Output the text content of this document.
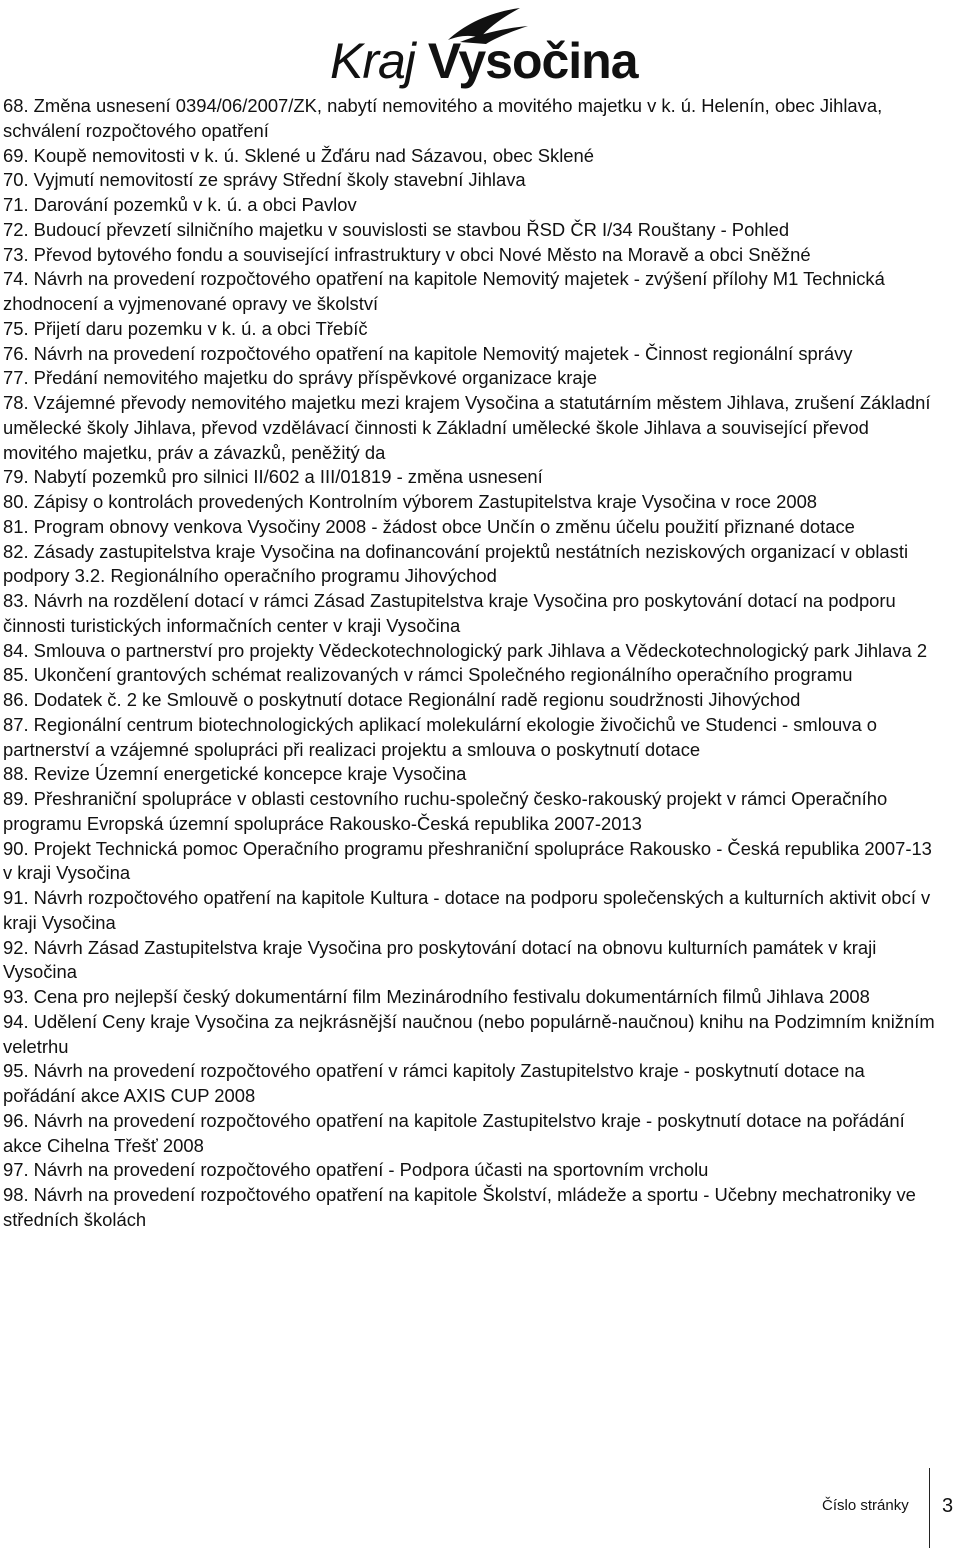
Kraj Vysočina

68. Změna usnesení 0394/06/2007/ZK, nabytí nemovitého a movitého majetku v k. ú. Helenín, obec Jihlava, schválení rozpočtového opatření

69. Koupě nemovitosti v k. ú. Sklené u Žďáru nad Sázavou, obec Sklené

70. Vyjmutí nemovitostí ze správy Střední školy stavební Jihlava

71. Darování pozemků v k. ú. a obci Pavlov

72. Budoucí převzetí silničního majetku v souvislosti se stavbou ŘSD ČR I/34 Rouštany - Pohled

73. Převod bytového fondu a související infrastruktury v obci Nové Město na Moravě a obci Sněžné

74. Návrh na provedení rozpočtového opatření na kapitole Nemovitý majetek - zvýšení přílohy M1 Technická zhodnocení a vyjmenované opravy ve školství

75. Přijetí daru pozemku v k. ú. a obci Třebíč

76. Návrh na provedení rozpočtového opatření na kapitole Nemovitý majetek - Činnost regionální správy

77. Předání nemovitého majetku do správy příspěvkové organizace kraje

78. Vzájemné převody nemovitého majetku mezi krajem Vysočina a statutárním městem Jihlava, zrušení Základní umělecké školy Jihlava, převod vzdělávací činnosti k Základní umělecké škole Jihlava a související převod movitého majetku, práv a závazků, peněžitý da

79. Nabytí pozemků pro silnici II/602 a III/01819 - změna usnesení

80. Zápisy o kontrolách provedených Kontrolním výborem Zastupitelstva kraje Vysočina v roce 2008

81. Program obnovy venkova Vysočiny 2008 - žádost obce Unčín o změnu účelu použití přiznané dotace

82. Zásady zastupitelstva kraje Vysočina na dofinancování projektů nestátních neziskových organizací v oblasti podpory 3.2. Regionálního operačního programu Jihovýchod

83. Návrh na rozdělení dotací v rámci Zásad Zastupitelstva kraje Vysočina pro poskytování dotací na podporu činnosti turistických informačních center v kraji Vysočina

84. Smlouva o partnerství pro projekty Vědeckotechnologický park Jihlava a Vědeckotechnologický park Jihlava 2

85. Ukončení grantových schémat realizovaných v rámci Společného regionálního operačního programu

86. Dodatek č. 2 ke Smlouvě o poskytnutí dotace Regionální radě regionu soudržnosti Jihovýchod

87. Regionální centrum biotechnologických aplikací molekulární ekologie živočichů ve Studenci - smlouva o partnerství a vzájemné spolupráci při realizaci projektu a smlouva o poskytnutí dotace

88. Revize Územní energetické koncepce kraje Vysočina

89. Přeshraniční spolupráce v oblasti cestovního ruchu-společný česko-rakouský projekt v rámci Operačního programu Evropská územní spolupráce Rakousko-Česká republika 2007-2013

90. Projekt Technická pomoc Operačního programu přeshraniční spolupráce Rakousko - Česká republika 2007-13 v kraji Vysočina

91. Návrh rozpočtového opatření na kapitole Kultura - dotace na podporu společenských a kulturních aktivit obcí v kraji Vysočina

92. Návrh Zásad Zastupitelstva kraje Vysočina pro poskytování dotací na obnovu kulturních památek v kraji Vysočina

93. Cena pro nejlepší český dokumentární film Mezinárodního festivalu dokumentárních filmů Jihlava 2008

94. Udělení Ceny kraje Vysočina za nejkrásnější naučnou (nebo populárně-naučnou) knihu na Podzimním knižním veletrhu

95. Návrh na provedení rozpočtového opatření v rámci kapitoly Zastupitelstvo kraje - poskytnutí dotace na pořádání akce AXIS CUP 2008

96. Návrh na provedení rozpočtového opatření na kapitole Zastupitelstvo kraje - poskytnutí dotace na pořádání akce Cihelna Třešť 2008

97. Návrh na provedení rozpočtového opatření - Podpora účasti na sportovním vrcholu

98. Návrh na provedení rozpočtového opatření na kapitole Školství, mládeže a sportu - Učebny mechatroniky ve středních školách

Číslo stránky 3
